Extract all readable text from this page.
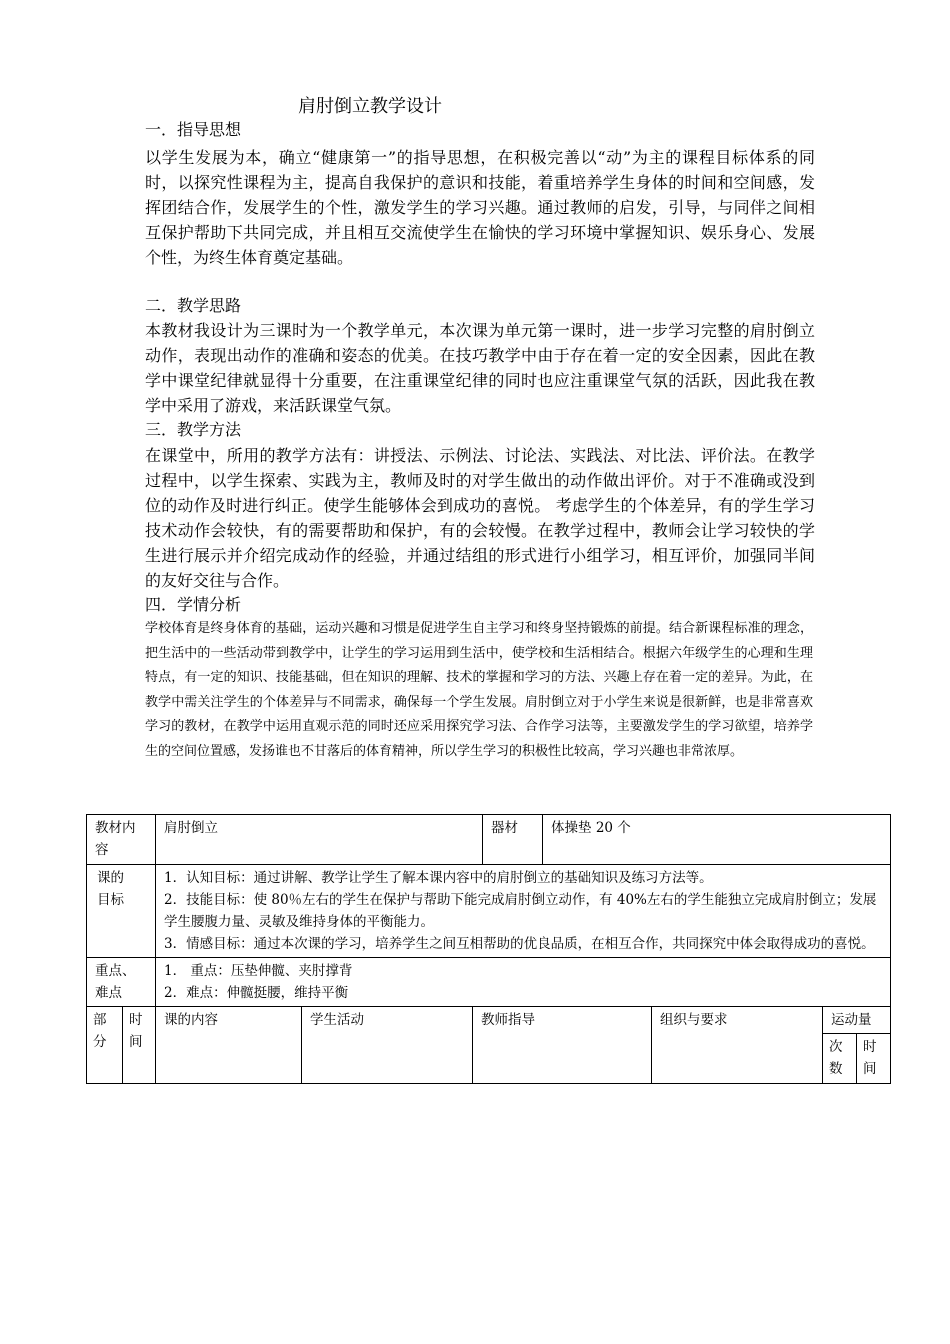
肩肘倒立教学设计
一．指导思想
以学生发展为本，确立“健康第一”的指导思想，在积极完善以“动”为主的课程目标体系的同时，以探究性课程为主，提高自我保护的意识和技能，着重培养学生身体的时间和空间感，发挥团结合作，发展学生的个性，激发学生的学习兴趣。通过教师的启发，引导，与同伴之间相互保护帮助下共同完成，并且相互交流使学生在愉快的学习环境中掌握知识、娱乐身心、发展个性，为终生体育奠定基础。
二．教学思路
本教材我设计为三课时为一个教学单元，本次课为单元第一课时，进一步学习完整的肩肘倒立动作，表现出动作的准确和姿态的优美。在技巧教学中由于存在着一定的安全因素，因此在教学中课堂纪律就显得十分重要，在注重课堂纪律的同时也应注重课堂气氛的活跃，因此我在教学中采用了游戏，来活跃课堂气氛。
三．教学方法
在课堂中，所用的教学方法有：讲授法、示例法、讨论法、实践法、对比法、评价法。在教学过程中，以学生探索、实践为主，教师及时的对学生做出的动作做出评价。对于不准确或没到位的动作及时进行纠正。使学生能够体会到成功的喜悦。 考虑学生的个体差异，有的学生学习技术动作会较快，有的需要帮助和保护，有的会较慢。在教学过程中，教师会让学习较快的学生进行展示并介绍完成动作的经验，并通过结组的形式进行小组学习，相互评价，加强同半间的友好交往与合作。
四．学情分析
学校体育是终身体育的基础，运动兴趣和习惯是促进学生自主学习和终身坚持锻炼的前提。结合新课程标准的理念，把生活中的一些活动带到教学中，让学生的学习运用到生活中，使学校和生活相结合。根据六年级学生的心理和生理特点，有一定的知识、技能基础，但在知识的理解、技术的掌握和学习的方法、兴趣上存在着一定的差异。为此，在教学中需关注学生的个体差异与不同需求，确保每一个学生发展。肩肘倒立对于小学生来说是很新鲜，也是非常喜欢学习的教材，在教学中运用直观示范的同时还应采用探究学习法、合作学习法等，主要激发学生的学习欲望，培养学生的空间位置感，发扬谁也不甘落后的体育精神，所以学生学习的积极性比较高，学习兴趣也非常浓厚。
教材内容		肩肘倒立			器材	体操垫 20 个			
课的目标		1．认知目标：通过讲解、教学让学生了解本课内容中的肩肘倒立的基础知识及练习方法等。
2．技能目标：使 80％左右的学生在保护与帮助下能完成肩肘倒立动作，有 40%左右的学生能独立完成肩肘倒立；发展学生腰腹力量、灵敏及维持身体的平衡能力。
3．情感目标：通过本次课的学习，培养学生之间互相帮助的优良品质，在相互合作，共同探究中体会取得成功的喜悦。							

重点、难点		1． 重点：压垫伸髋、夹肘撑背
2．难点：伸髋挺腰，维持平衡							

部分	时间	课的内容	学生活动	教师指导			组织与要求	运动量	
								次数	时间
